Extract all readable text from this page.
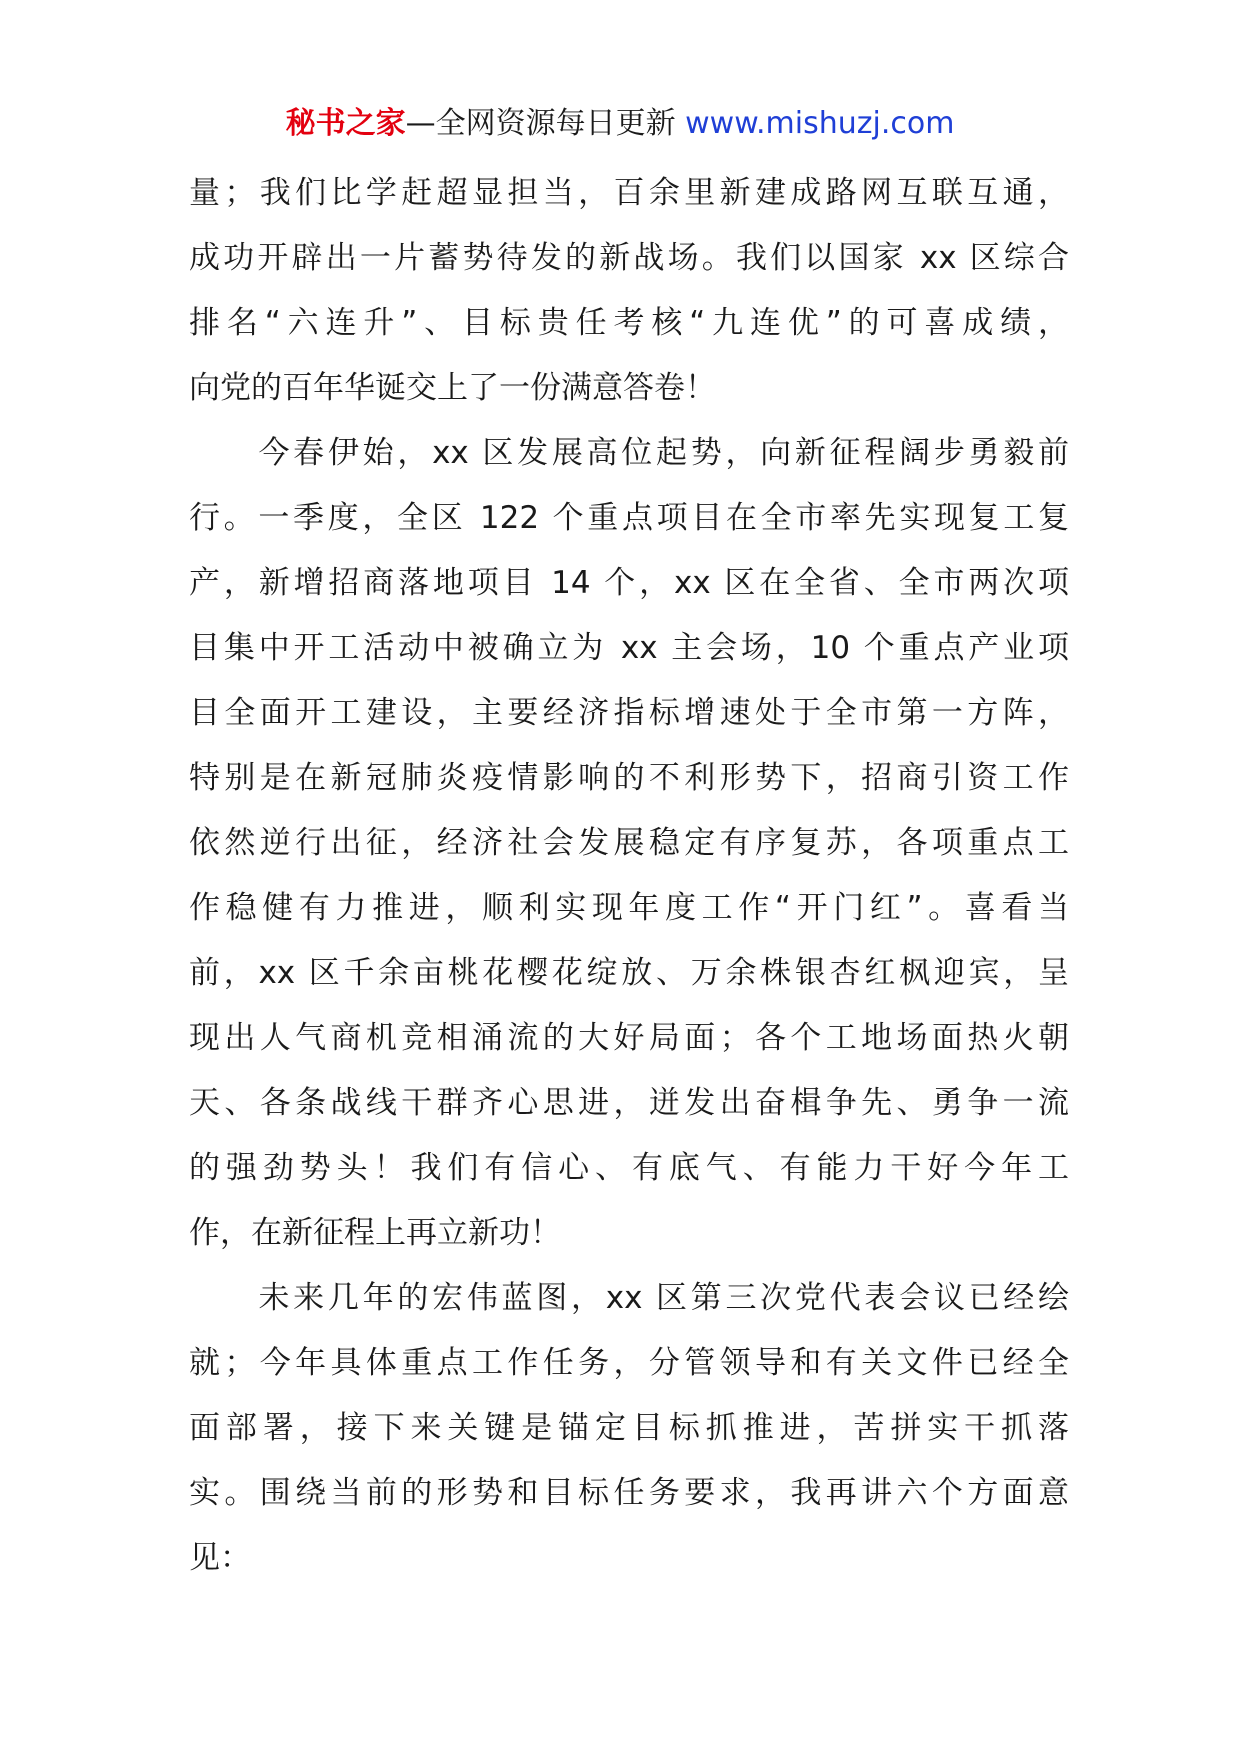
秘书之家—全网资源每日更新 www.mishuzj.com
量；我们比学赶超显担当，百余里新建成路网互联互通，
成功开辟出一片蓄势待发的新战场。我们以国家 xx 区综合
排名“六连升”、目标贵任考核“九连优”的可喜成绩，
向党的百年华诞交上了一份满意答卷！
　　今春伊始，xx 区发展高位起势，向新征程阔步勇毅前
行。一季度，全区 122 个重点项目在全市率先实现复工复
产，新增招商落地项目 14 个，xx 区在全省、全市两次项
目集中开工活动中被确立为 xx 主会场，10 个重点产业项
目全面开工建设，主要经济指标增速处于全市第一方阵，
特别是在新冠肺炎疫情影响的不利形势下，招商引资工作
依然逆行出征，经济社会发展稳定有序复苏，各项重点工
作稳健有力推进，顺利实现年度工作“开门红”。喜看当
前，xx 区千余亩桃花樱花绽放、万余株银杏红枫迎宾，呈
现出人气商机竞相涌流的大好局面；各个工地场面热火朝
天、各条战线干群齐心思进，迸发出奋楫争先、勇争一流
的强劲势头！我们有信心、有底气、有能力干好今年工
作，在新征程上再立新功！
　　未来几年的宏伟蓝图，xx 区第三次党代表会议已经绘
就；今年具体重点工作任务，分管领导和有关文件已经全
面部署，接下来关键是锚定目标抓推进，苦拼实干抓落
实。围绕当前的形势和目标任务要求，我再讲六个方面意
见：
